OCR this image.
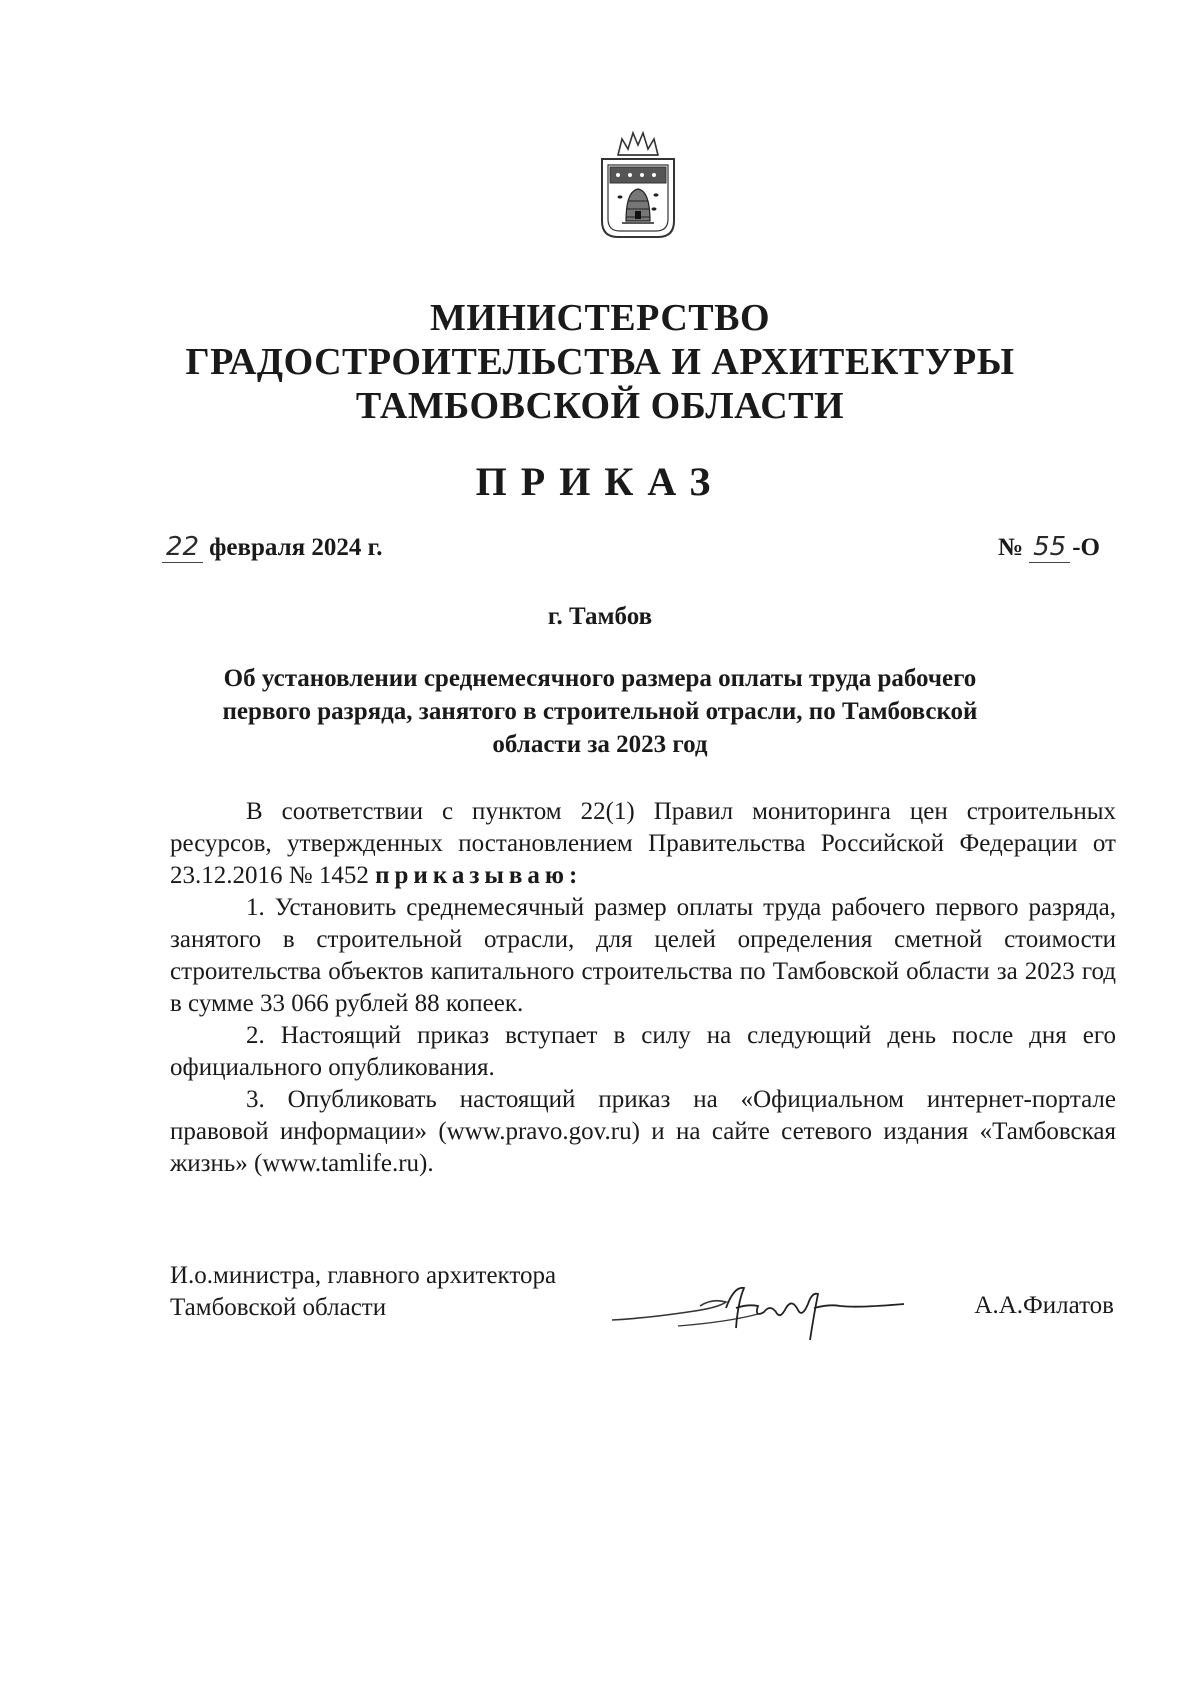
МИНИСТЕРСТВО
ГРАДОСТРОИТЕЛЬСТВА И АРХИТЕКТУРЫ
ТАМБОВСКОЙ ОБЛАСТИ
ПРИКАЗ
22 февраля 2024 г.	№ 55 -О
г. Тамбов
Об установлении среднемесячного размера оплаты труда рабочего первого разряда, занятого в строительной отрасли, по Тамбовской области за 2023 год

В соответствии с пунктом 22(1) Правил мониторинга цен строительных ресурсов, утвержденных постановлением Правительства Российской Федерации от 23.12.2016 № 1452 приказываю:

1. Установить среднемесячный размер оплаты труда рабочего первого разряда, занятого в строительной отрасли, для целей определения сметной стоимости строительства объектов капитального строительства по Тамбовской области за 2023 год в сумме 33 066 рублей 88 копеек.

2. Настоящий приказ вступает в силу на следующий день после дня его официального опубликования.

3. Опубликовать настоящий приказ на «Официальном интернет-портале правовой информации» (www.pravo.gov.ru) и на сайте сетевого издания «Тамбовская жизнь» (www.tamlife.ru).

И.о.министра, главного архитектора
Тамбовской области	А.А.Филатов
